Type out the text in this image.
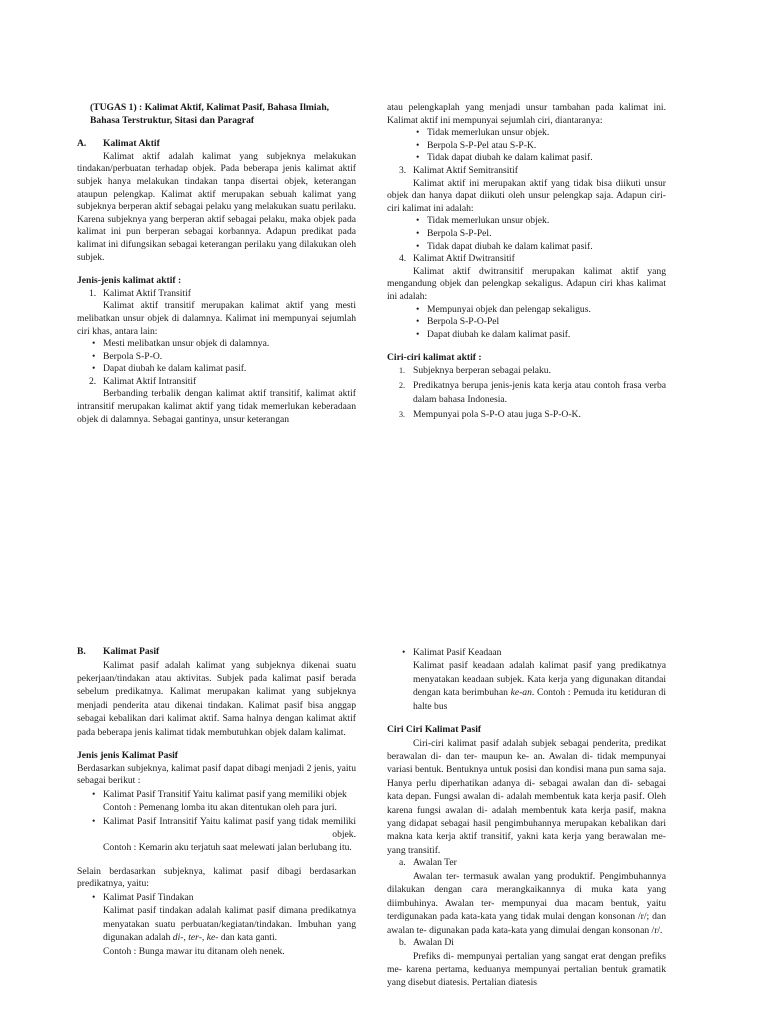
(TUGAS 1) : Kalimat Aktif, Kalimat Pasif, Bahasa Ilmiah, Bahasa Terstruktur, Sitasi dan Paragraf

A.	Kalimat Aktif

Kalimat aktif adalah kalimat yang subjeknya melakukan tindakan/perbuatan terhadap objek. Pada beberapa jenis kalimat aktif subjek hanya melakukan tindakan tanpa disertai objek, keterangan ataupun pelengkap. Kalimat aktif merupakan sebuah kalimat yang subjeknya berperan aktif sebagai pelaku yang melakukan suatu perilaku. Karena subjeknya yang berperan aktif sebagai pelaku, maka objek pada kalimat ini pun berperan sebagai korbannya. Adapun predikat pada kalimat ini difungsikan sebagai keterangan perilaku yang dilakukan oleh subjek.

Jenis-jenis kalimat aktif :

1. Kalimat Aktif Transitif

Kalimat aktif transitif merupakan kalimat aktif yang mesti melibatkan unsur objek di dalamnya. Kalimat ini mempunyai sejumlah ciri khas, antara lain:

• Mesti melibatkan unsur objek di dalamnya.
• Berpola S-P-O.
• Dapat diubah ke dalam kalimat pasif.
2. Kalimat Aktif Intransitif

Berbanding terbalik dengan kalimat aktif transitif, kalimat aktif intransitif merupakan kalimat aktif yang tidak memerlukan keberadaan objek di dalamnya. Sebagai gantinya, unsur keterangan

atau pelengkaplah yang menjadi unsur tambahan pada kalimat ini. Kalimat aktif ini mempunyai sejumlah ciri, diantaranya:

• Tidak memerlukan unsur objek.
• Berpola S-P-Pel atau S-P-K.
• Tidak dapat diubah ke dalam kalimat pasif.
3. Kalimat Aktif Semitransitif

Kalimat aktif ini merupakan aktif yang tidak bisa diikuti unsur objek dan hanya dapat diikuti oleh unsur pelengkap saja. Adapun ciri-ciri kalimat ini adalah:

• Tidak memerlukan unsur objek.
• Berpola S-P-Pel.
• Tidak dapat diubah ke dalam kalimat pasif.
4. Kalimat Aktif Dwitransitif

Kalimat aktif dwitransitif merupakan kalimat aktif yang mengandung objek dan pelengkap sekaligus. Adapun ciri khas kalimat ini adalah:

• Mempunyai objek dan pelengap sekaligus.
• Berpola S-P-O-Pel
• Dapat diubah ke dalam kalimat pasif.

Ciri-ciri kalimat aktif :

1. Subjeknya berperan sebagai pelaku.
2. Predikatnya berupa jenis-jenis kata kerja atau contoh frasa verba dalam bahasa Indonesia.
3. Mempunyai pola S-P-O atau juga S-P-O-K.
B.	Kalimat Pasif

Kalimat pasif adalah kalimat yang subjeknya dikenai suatu pekerjaan/tindakan atau aktivitas. Subjek pada kalimat pasif berada sebelum predikatnya. Kalimat merupakan kalimat yang subjeknya menjadi penderita atau dikenai tindakan. Kalimat pasif bisa anggap sebagai kebalikan dari kalimat aktif. Sama halnya dengan kalimat aktif pada beberapa jenis kalimat tidak membutuhkan objek dalam kalimat.

Jenis jenis Kalimat Pasif

Berdasarkan subjeknya, kalimat pasif dapat dibagi menjadi 2 jenis, yaitu sebagai berikut :

• Kalimat Pasif Transitif Yaitu kalimat pasif yang memiliki objek

Contoh : Pemenang lomba itu akan ditentukan oleh para juri.

• Kalimat Pasif Intransitif Yaitu kalimat pasif yang tidak memiliki

objek.

Contoh : Kemarin aku terjatuh saat melewati jalan berlubang itu.

Selain berdasarkan subjeknya, kalimat pasif dibagi berdasarkan predikatnya, yaitu:

• Kalimat Pasif Tindakan

Kalimat pasif tindakan adalah kalimat pasif dimana predikatnya menyatakan suatu perbuatan/kegiatan/tindakan. Imbuhan yang digunakan adalah di-, ter-, ke- dan kata ganti.

Contoh : Bunga mawar itu ditanam oleh nenek.

• Kalimat Pasif Keadaan

Kalimat pasif keadaan adalah kalimat pasif yang predikatnya menyatakan keadaan subjek. Kata kerja yang digunakan ditandai dengan kata berimbuhan ke-an. Contoh : Pemuda itu ketiduran di halte bus

Ciri Ciri Kalimat Pasif

Ciri-ciri kalimat pasif adalah subjek sebagai penderita, predikat berawalan di- dan ter- maupun ke- an. Awalan di- tidak mempunyai variasi bentuk. Bentuknya untuk posisi dan kondisi mana pun sama saja. Hanya perlu diperhatikan adanya di- sebagai awalan dan di- sebagai kata depan. Fungsi awalan di- adalah membentuk kata kerja pasif. Oleh karena fungsi awalan di- adalah membentuk kata kerja pasif, makna yang didapat sebagai hasil pengimbuhannya merupakan kebalikan dari makna kata kerja aktif transitif, yakni kata kerja yang berawalan me- yang transitif.

a. Awalan Ter

Awalan ter- termasuk awalan yang produktif. Pengimbuhannya dilakukan dengan cara merangkaikannya di muka kata yang diimbuhinya. Awalan ter- mempunyai dua macam bentuk, yaitu terdigunakan pada kata-kata yang tidak mulai dengan konsonan /r/; dan awalan te- digunakan pada kata-kata yang dimulai dengan konsonan /r/.

b. Awalan Di

Prefiks di- mempunyai pertalian yang sangat erat dengan prefiks me- karena pertama, keduanya mempunyai pertalian bentuk gramatik yang disebut diatesis. Pertalian diatesis
